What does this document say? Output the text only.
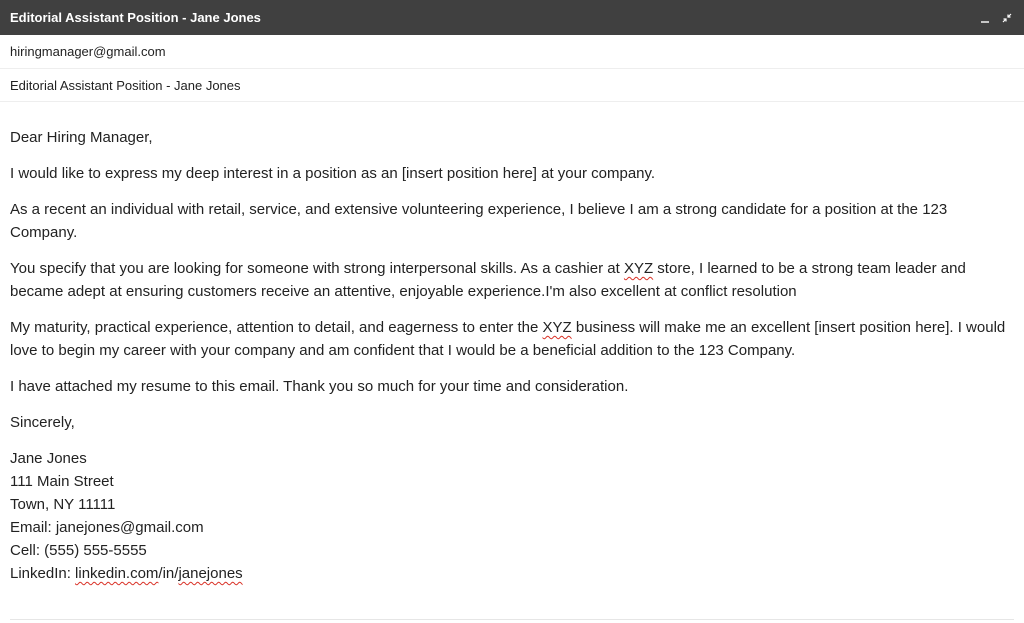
Editorial Assistant Position - Jane Jones
hiringmanager@gmail.com
Editorial Assistant Position - Jane Jones

Dear Hiring Manager,

I would like to express my deep interest in a position as an [insert position here] at your company.

As a recent an individual with retail, service, and extensive volunteering experience, I believe I am a strong candidate for a position at the 123 Company.

You specify that you are looking for someone with strong interpersonal skills. As a cashier at XYZ store, I learned to be a strong team leader and became adept at ensuring customers receive an attentive, enjoyable experience.I'm also excellent at conflict resolution

My maturity, practical experience, attention to detail, and eagerness to enter the XYZ business will make me an excellent [insert position here]. I would love to begin my career with your company and am confident that I would be a beneficial addition to the 123 Company.

I have attached my resume to this email. Thank you so much for your time and consideration.

Sincerely,

Jane Jones
111 Main Street
Town, NY 11111
Email: janejones@gmail.com
Cell: (555) 555-5555
LinkedIn: linkedin.com/in/janejones
